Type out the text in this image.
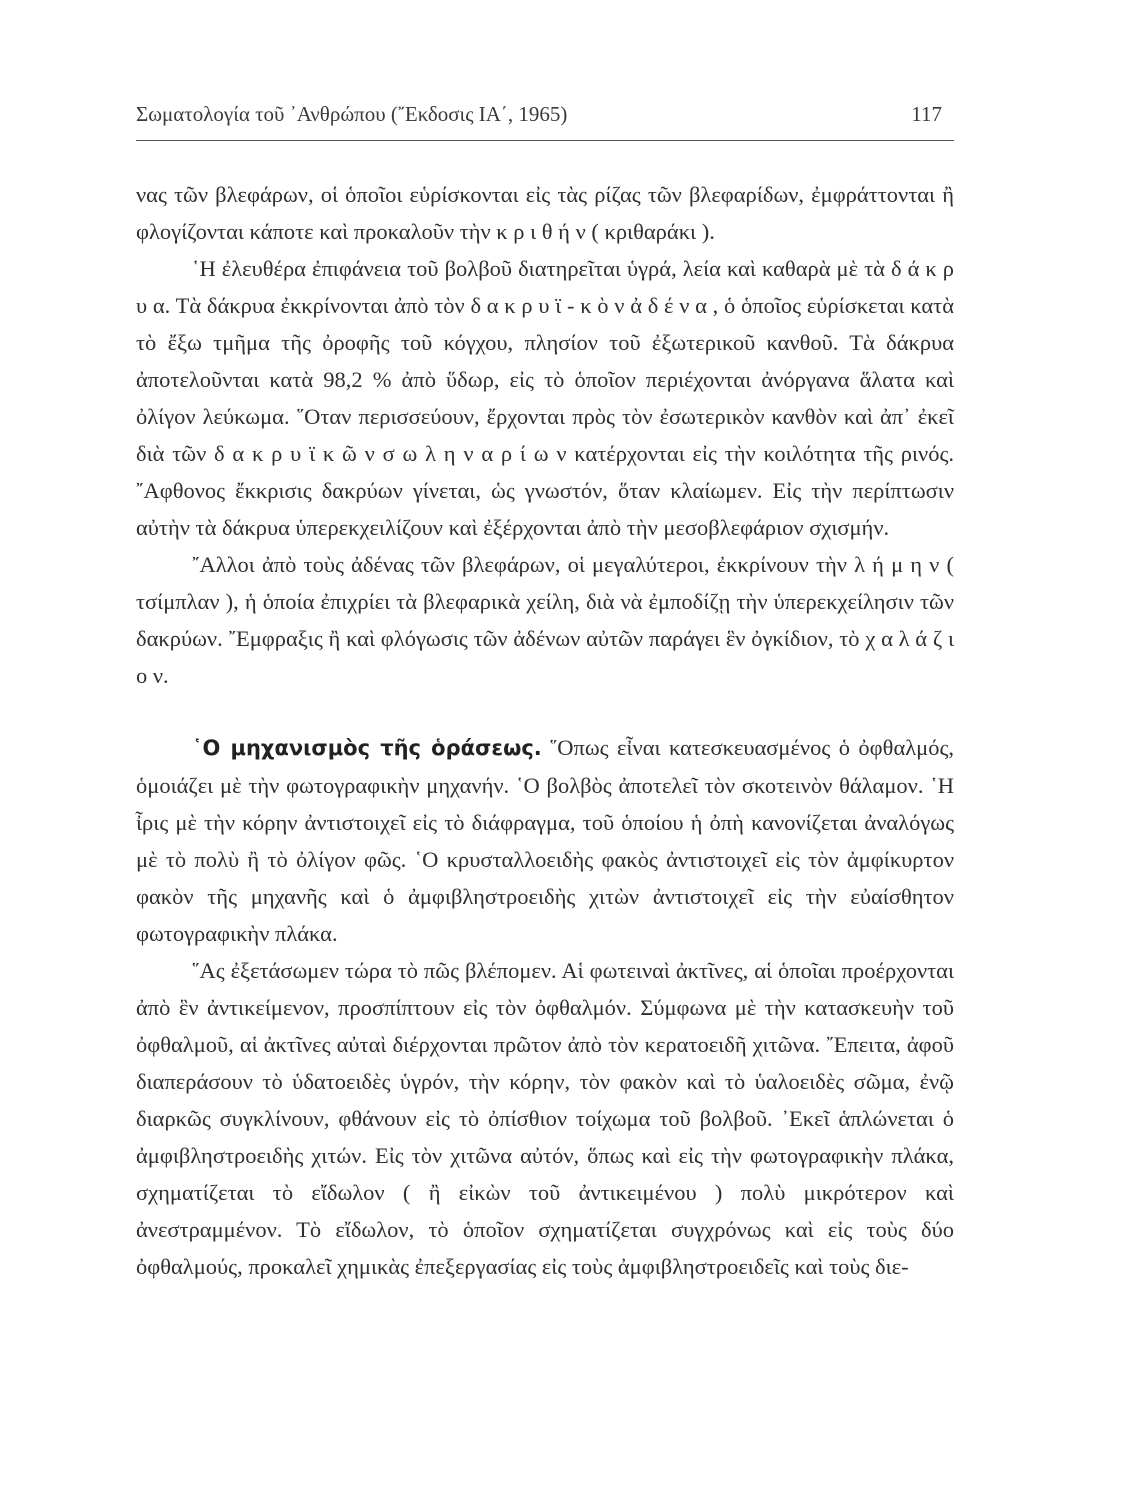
Σωματολογία τοῦ ᾿Ανθρώπου (῎Εκδοσις ΙΑ΄, 1965)	117

νας τῶν βλεφάρων, οἱ ὁποῖοι εὑρίσκονται εἰς τὰς ρίζας τῶν βλεφαρίδων, ἐμφράττονται ἢ φλογίζονται κάποτε καὶ προκαλοῦν τὴν κ ρ ι θ ή ν ( κριθαράκι ).

῾Η ἐλευθέρα ἐπιφάνεια τοῦ βολβοῦ διατηρεῖται ὑγρά, λεία καὶ καθαρὰ μὲ τὰ δ ά κ ρ υ α. Τὰ δάκρυα ἐκκρίνονται ἀπὸ τὸν δ α κ ρ υ ϊ - κ ὸ ν ἀ δ έ ν α , ὁ ὁποῖος εὑρίσκεται κατὰ τὸ ἔξω τμῆμα τῆς ὀροφῆς τοῦ κόγχου, πλησίον τοῦ ἐξωτερικοῦ κανθοῦ. Τὰ δάκρυα ἀποτελοῦνται κατὰ 98,2 % ἀπὸ ὕδωρ, εἰς τὸ ὁποῖον περιέχονται ἀνόργανα ἅλατα καὶ ὀλίγον λεύκωμα. ῞Οταν περισσεύουν, ἔρχονται πρὸς τὸν ἐσωτερικὸν κανθὸν καὶ ἀπ᾿ ἐκεῖ διὰ τῶν δ α κ ρ υ ϊ κ ῶ ν σ ω λ η ν α ρ ί ω ν κατέρχονται εἰς τὴν κοιλότητα τῆς ρινός. ῎Αφθονος ἔκκρισις δακρύων γίνεται, ὡς γνωστόν, ὅταν κλαίωμεν. Εἰς τὴν περίπτωσιν αὐτὴν τὰ δάκρυα ὑπερεκχειλίζουν καὶ ἐξέρχονται ἀπὸ τὴν μεσοβλεφάριον σχισμήν.

῎Αλλοι ἀπὸ τοὺς ἀδένας τῶν βλεφάρων, οἱ μεγαλύτεροι, ἐκκρίνουν τὴν λ ή μ η ν ( τσίμπλαν ), ἡ ὁποία ἐπιχρίει τὰ βλεφαρικὰ χείλη, διὰ νὰ ἐμποδίζῃ τὴν ὑπερεκχείλησιν τῶν δακρύων. ῎Εμφραξις ἢ καὶ φλόγωσις τῶν ἀδένων αὐτῶν παράγει ἓν ὀγκίδιον, τὸ χ α λ ά ζ ι ο ν.

῾Ο μηχανισμὸς τῆς ὁράσεως. ῞Οπως εἶναι κατεσκευασμένος ὁ ὀφθαλμός, ὁμοιάζει μὲ τὴν φωτογραφικὴν μηχανήν. ῾Ο βολβὸς ἀποτελεῖ τὸν σκοτεινὸν θάλαμον. ῾Η ἶρις μὲ τὴν κόρην ἀντιστοιχεῖ εἰς τὸ διάφραγμα, τοῦ ὁποίου ἡ ὀπὴ κανονίζεται ἀναλόγως μὲ τὸ πολὺ ἢ τὸ ὀλίγον φῶς. ῾Ο κρυσταλλοειδὴς φακὸς ἀντιστοιχεῖ εἰς τὸν ἀμφίκυρτον φακὸν τῆς μηχανῆς καὶ ὁ ἀμφιβληστροειδὴς χιτὼν ἀντιστοιχεῖ εἰς τὴν εὐαίσθητον φωτογραφικὴν πλάκα.

῞Ας ἐξετάσωμεν τώρα τὸ πῶς βλέπομεν. Αἱ φωτειναὶ ἀκτῖνες, αἱ ὁποῖαι προέρχονται ἀπὸ ἓν ἀντικείμενον, προσπίπτουν εἰς τὸν ὀφθαλμόν. Σύμφωνα μὲ τὴν κατασκευὴν τοῦ ὀφθαλμοῦ, αἱ ἀκτῖνες αὐταὶ διέρχονται πρῶτον ἀπὸ τὸν κερατοειδῆ χιτῶνα. ῎Επειτα, ἀφοῦ διαπεράσουν τὸ ὑδατοειδὲς ὑγρόν, τὴν κόρην, τὸν φακὸν καὶ τὸ ὑαλοειδὲς σῶμα, ἐνῷ διαρκῶς συγκλίνουν, φθάνουν εἰς τὸ ὀπίσθιον τοίχωμα τοῦ βολβοῦ. ᾿Εκεῖ ἁπλώνεται ὁ ἀμφιβληστροειδὴς χιτών. Εἰς τὸν χιτῶνα αὐτόν, ὅπως καὶ εἰς τὴν φωτογραφικὴν πλάκα, σχηματίζεται τὸ εἴδωλον ( ἢ εἰκὼν τοῦ ἀντικειμένου ) πολὺ μικρότερον καὶ ἀνεστραμμένον. Τὸ εἴδωλον, τὸ ὁποῖον σχηματίζεται συγχρόνως καὶ εἰς τοὺς δύο ὀφθαλμούς, προκαλεῖ χημικὰς ἐπεξεργασίας εἰς τοὺς ἀμφιβληστροειδεῖς καὶ τοὺς διε-
